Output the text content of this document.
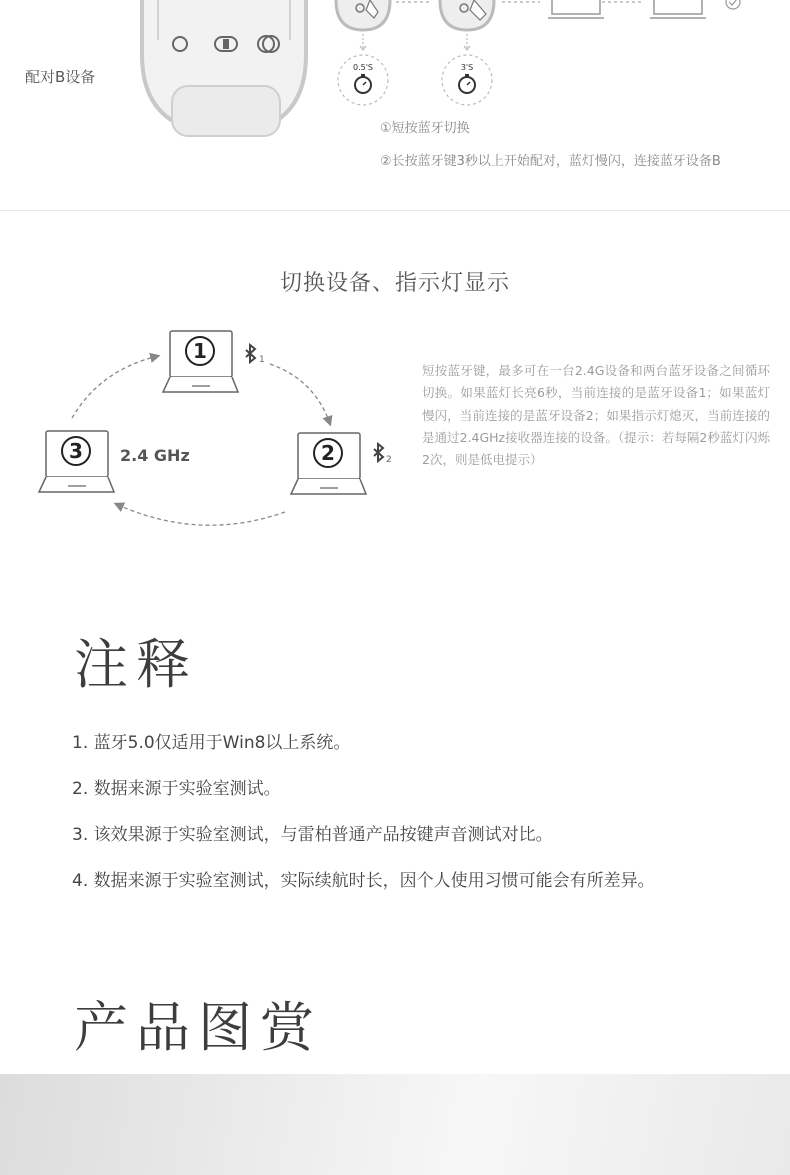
配对B设备
0.5'S	3'S
①短按蓝牙切换
②长按蓝牙键3秒以上开始配对，蓝灯慢闪，连接蓝牙设备B
切换设备、指示灯显示
1	1
2	2
3 2.4 GHz
短按蓝牙键，最多可在一台2.4G设备和两台蓝牙设备之间循环切换。如果蓝灯长亮6秒，当前连接的是蓝牙设备1；如果蓝灯慢闪，当前连接的是蓝牙设备2；如果指示灯熄灭，当前连接的是通过2.4GHz接收器连接的设备。（提示：若每隔2秒蓝灯闪烁2次，则是低电提示）
注释
1. 蓝牙5.0仅适用于Win8以上系统。
2. 数据来源于实验室测试。
3. 该效果源于实验室测试，与雷柏普通产品按键声音测试对比。
4. 数据来源于实验室测试，实际续航时长，因个人使用习惯可能会有所差异。
产品图赏
